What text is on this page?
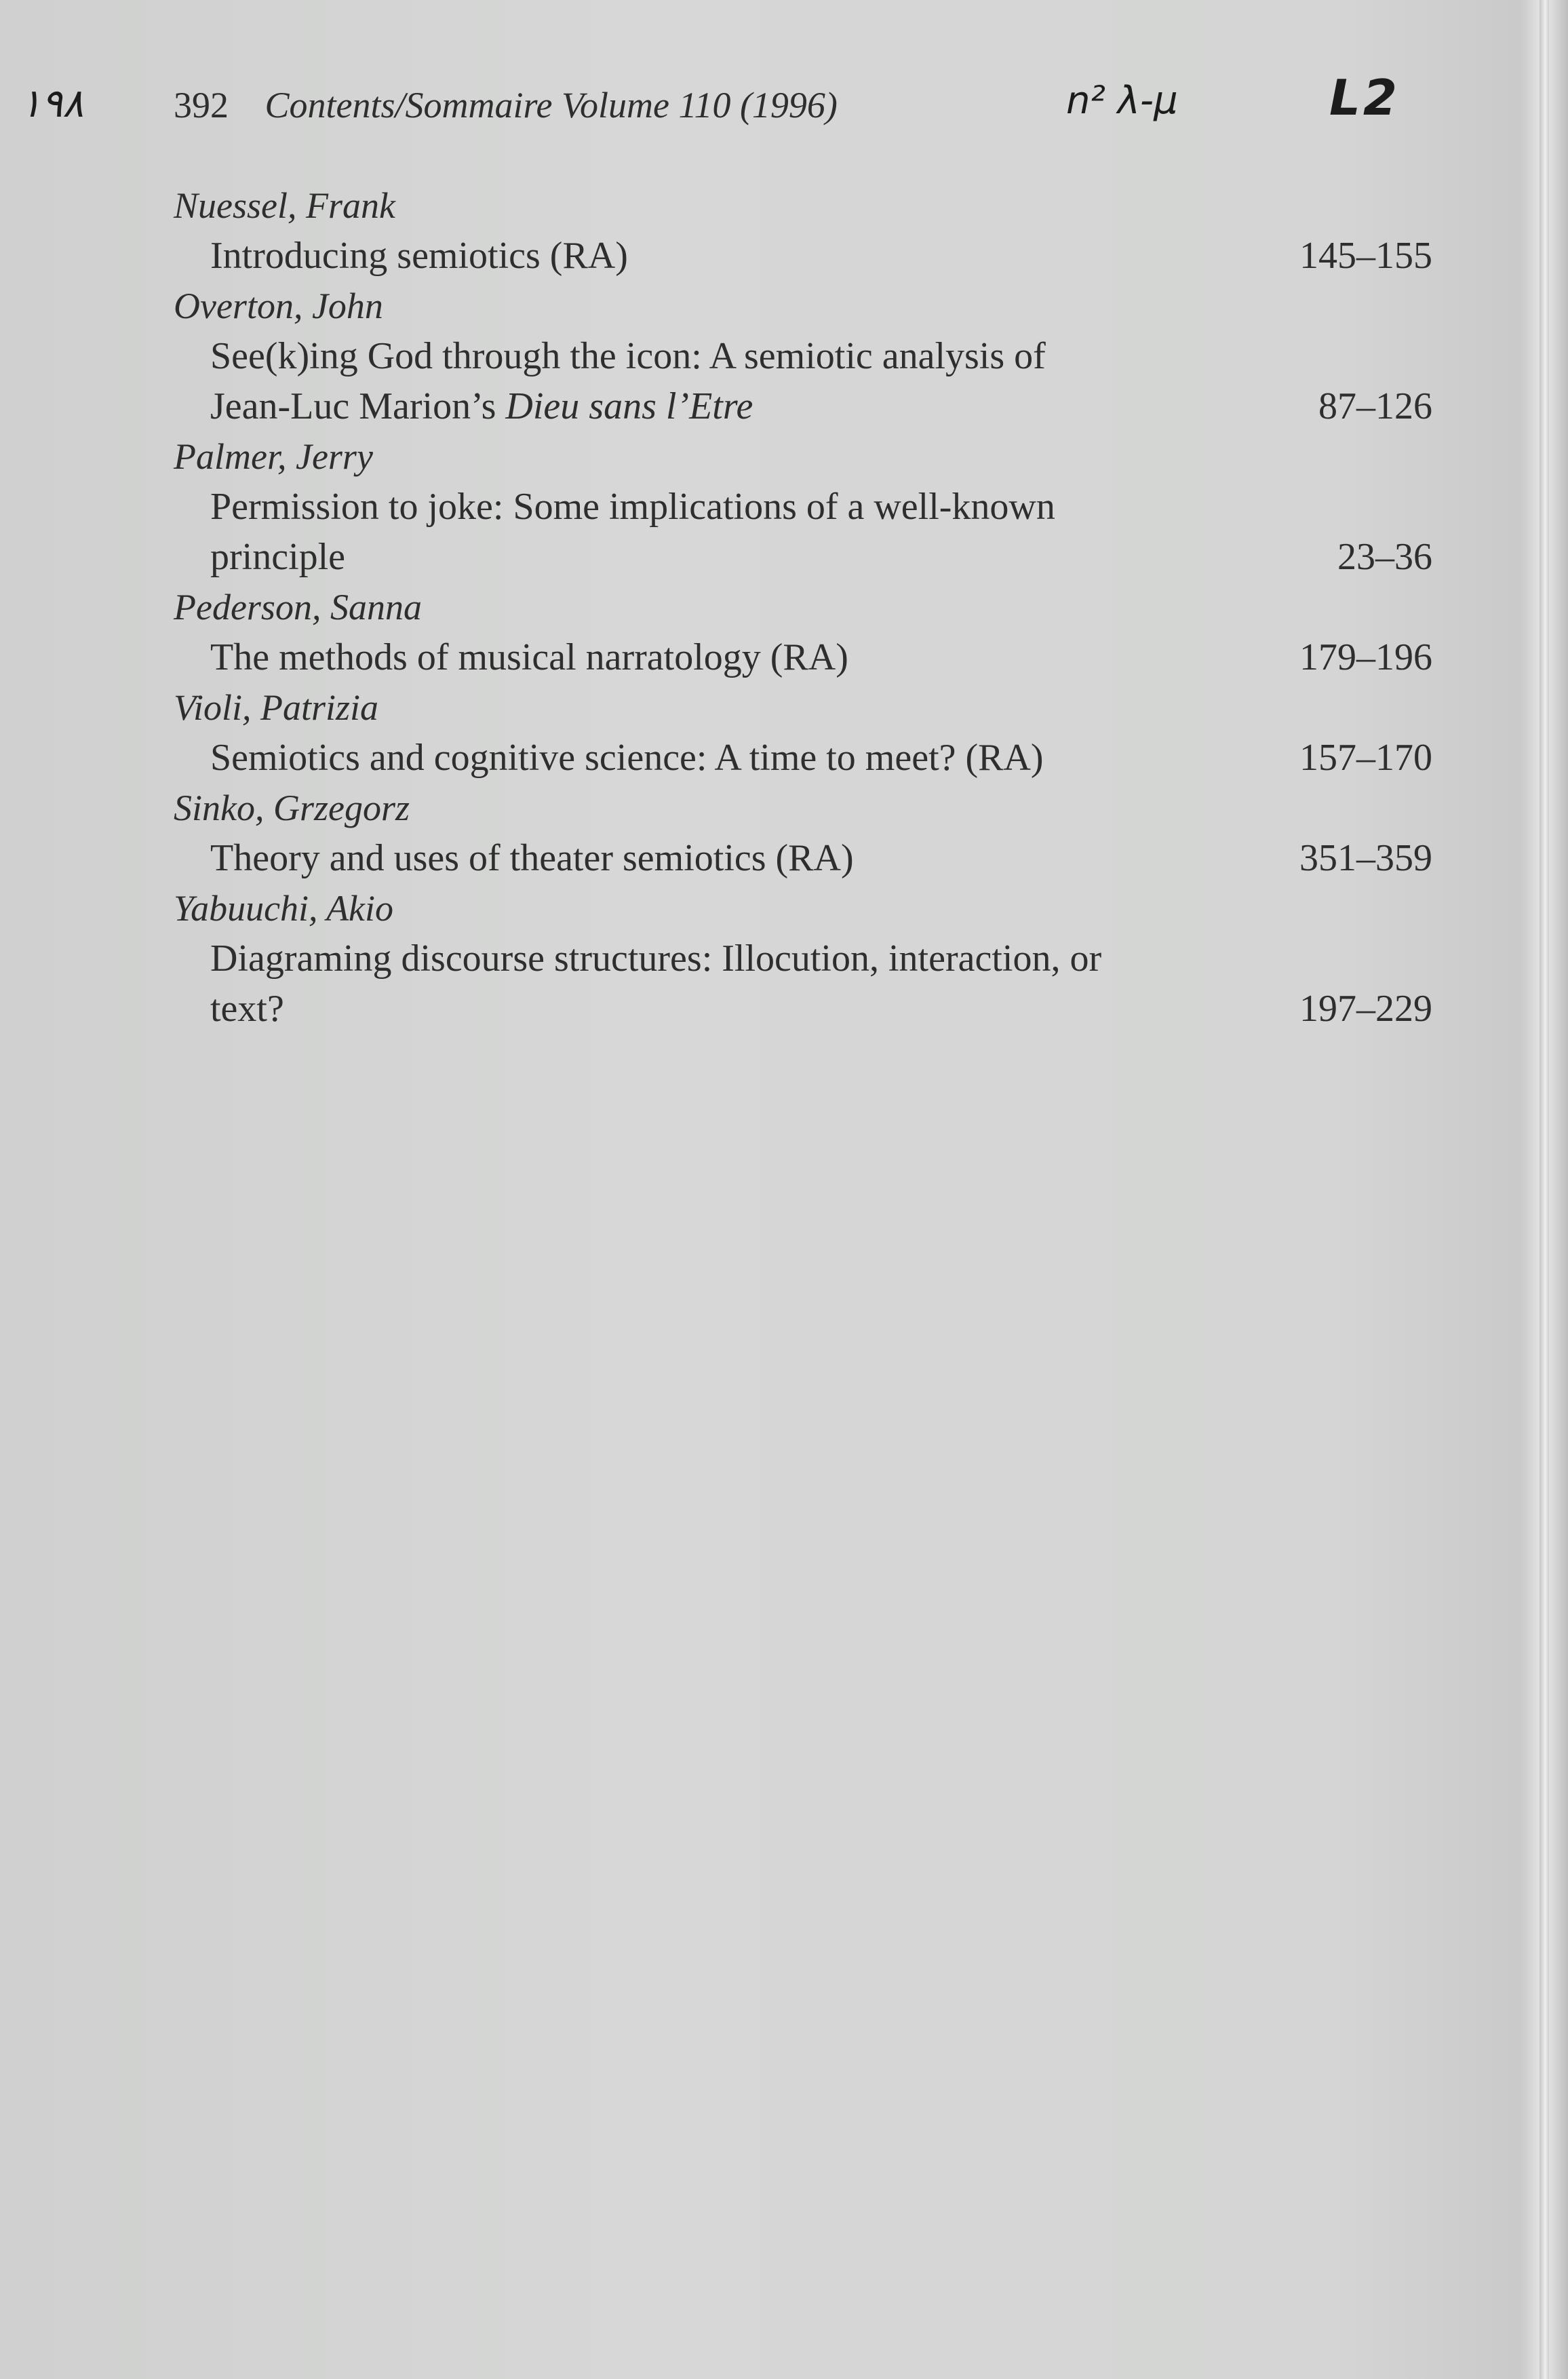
١٩٨	n² λ-μ	L2
392 Contents/Sommaire Volume 110 (1996)
Nuessel, Frank
Introducing semiotics (RA)	145–155
Overton, John
See(k)ing God through the icon: A semiotic analysis of
Jean-Luc Marion’s Dieu sans l’Etre	87–126
Palmer, Jerry
Permission to joke: Some implications of a well-known
principle	23–36
Pederson, Sanna
The methods of musical narratology (RA)	179–196
Violi, Patrizia
Semiotics and cognitive science: A time to meet? (RA)	157–170
Sinko, Grzegorz
Theory and uses of theater semiotics (RA)	351–359
Yabuuchi, Akio
Diagraming discourse structures: Illocution, interaction, or
text?	197–229
